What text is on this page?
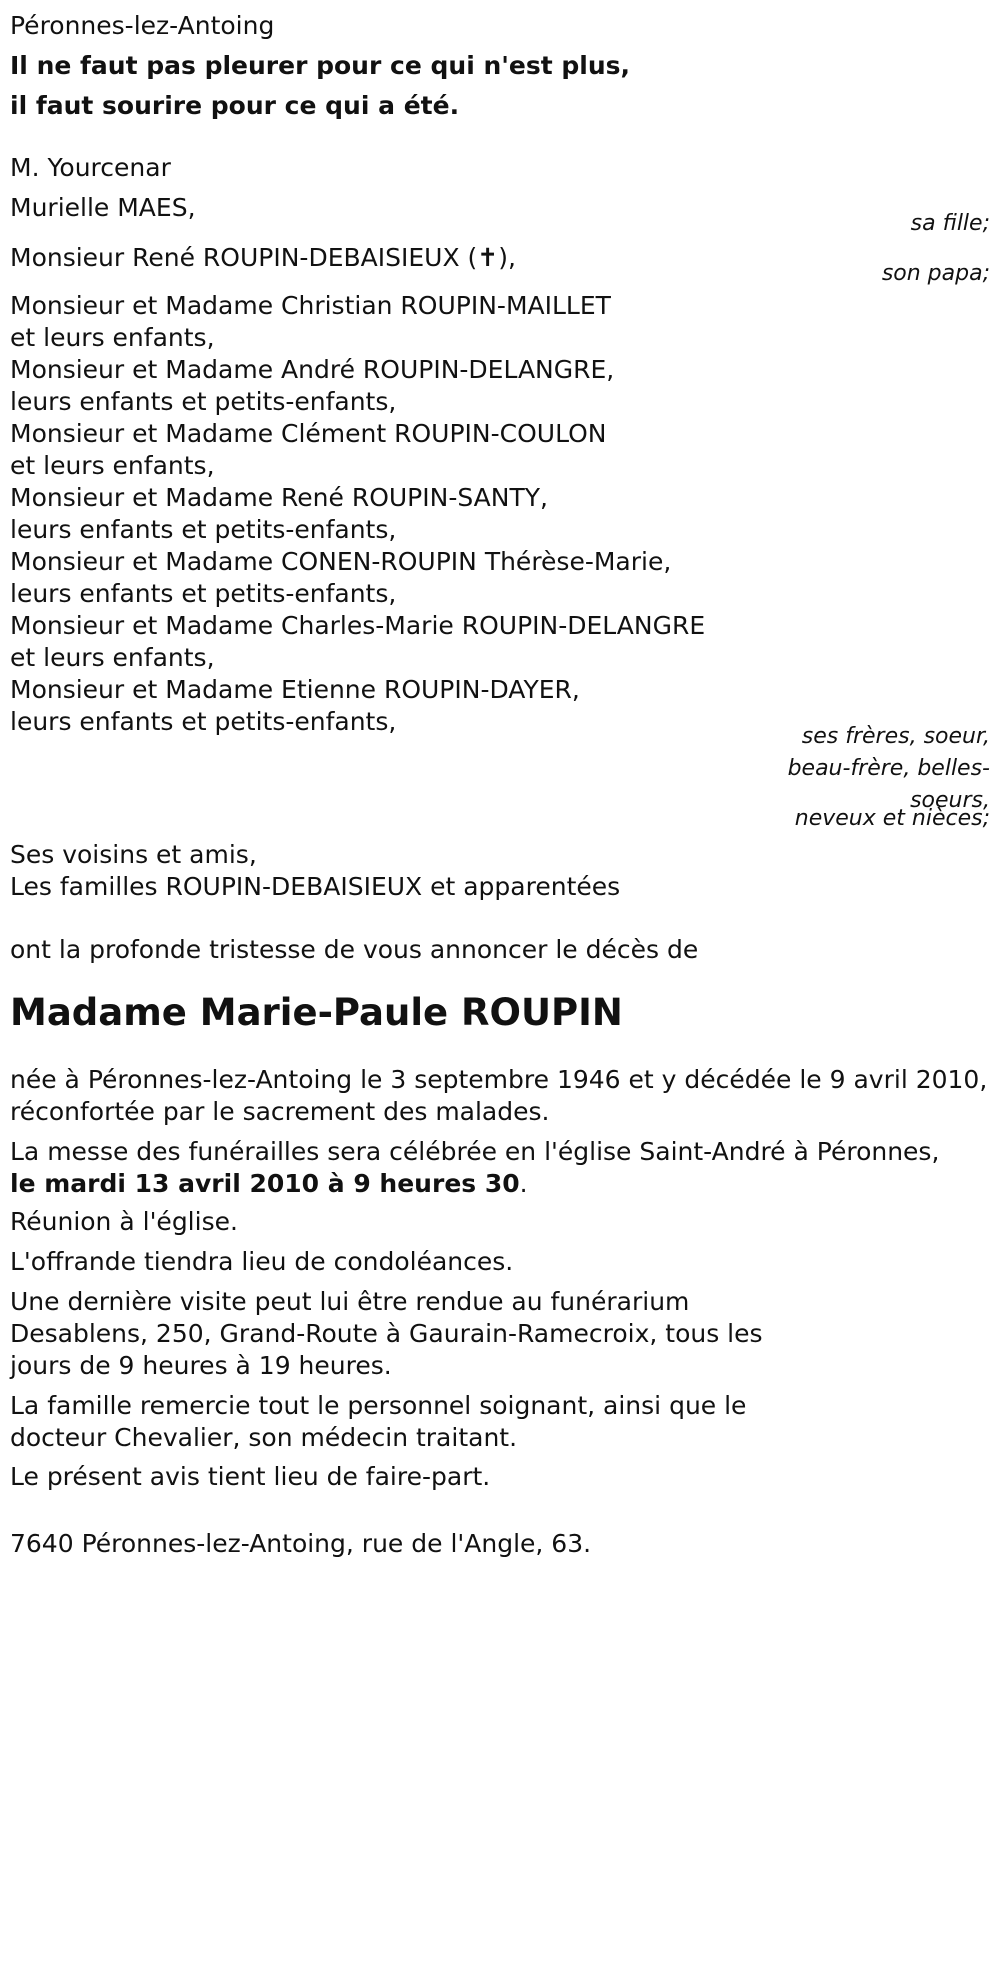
Péronnes-lez-Antoing
Il ne faut pas pleurer pour ce qui n'est plus,
il faut sourire pour ce qui a été.
M. Yourcenar
Murielle MAES,
sa fille;
Monsieur René ROUPIN-DEBAISIEUX (✝),
son papa;
Monsieur et Madame Christian ROUPIN-MAILLET
et leurs enfants,
Monsieur et Madame André ROUPIN-DELANGRE,
leurs enfants et petits-enfants,
Monsieur et Madame Clément ROUPIN-COULON
et leurs enfants,
Monsieur et Madame René ROUPIN-SANTY,
leurs enfants et petits-enfants,
Monsieur et Madame CONEN-ROUPIN Thérèse-Marie,
leurs enfants et petits-enfants,
Monsieur et Madame Charles-Marie ROUPIN-DELANGRE
et leurs enfants,
Monsieur et Madame Etienne ROUPIN-DAYER,
leurs enfants et petits-enfants,
ses frères, soeur, beau-frère, belles-soeurs,
neveux et nièces;
Ses voisins et amis,
Les familles ROUPIN-DEBAISIEUX et apparentées
ont la profonde tristesse de vous annoncer le décès de
Madame Marie-Paule ROUPIN
née à Péronnes-lez-Antoing le 3 septembre 1946 et y décédée le 9 avril 2010, réconfortée par le sacrement des malades.
La messe des funérailles sera célébrée en l'église Saint-André à Péronnes,
le mardi 13 avril 2010 à 9 heures 30.
Réunion à l'église.
L'offrande tiendra lieu de condoléances.
Une dernière visite peut lui être rendue au funérarium Desablens, 250, Grand-Route à Gaurain-Ramecroix, tous les jours de 9 heures à 19 heures.
La famille remercie tout le personnel soignant, ainsi que le docteur Chevalier, son médecin traitant.
Le présent avis tient lieu de faire-part.
7640 Péronnes-lez-Antoing, rue de l'Angle, 63.
